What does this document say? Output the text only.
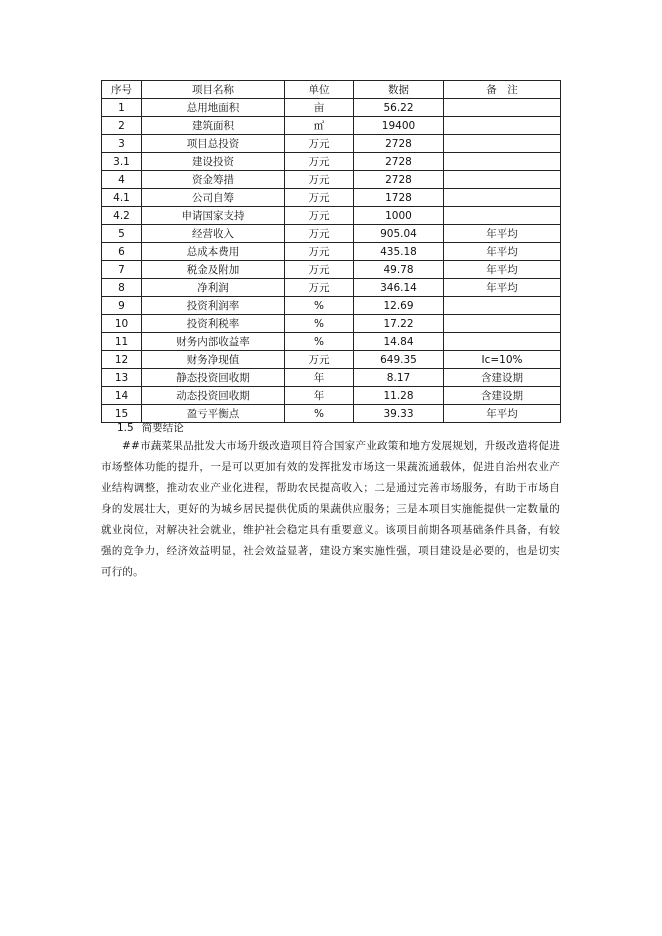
序号	项目名称	单位	数据	备　注
1	总用地面积	亩	56.22	
2	建筑面积	㎡	19400	
3	项目总投资	万元	2728	
3.1	建设投资	万元	2728	
4	资金筹措	万元	2728	
4.1	公司自筹	万元	1728	
4.2	申请国家支持	万元	1000	
5	经营收入	万元	905.04	年平均
6	总成本费用	万元	435.18	年平均
7	税金及附加	万元	49.78	年平均
8	净利润	万元	346.14	年平均
9	投资利润率	%	12.69	
10	投资利税率	%	17.22	
11	财务内部收益率	%	14.84	
12	财务净现值	万元	649.35	Ic=10%
13	静态投资回收期	年	8.17	含建设期
14	动态投资回收期	年	11.28	含建设期
15	盈亏平衡点	%	39.33	年平均
1.5 简要结论

##市蔬菜果品批发大市场升级改造项目符合国家产业政策和地方发展规划，升级改造将促进市场整体功能的提升，一是可以更加有效的发挥批发市场这一果蔬流通载体，促进自治州农业产业结构调整，推动农业产业化进程，帮助农民提高收入；二是通过完善市场服务，有助于市场自身的发展壮大，更好的为城乡居民提供优质的果蔬供应服务；三是本项目实施能提供一定数量的就业岗位，对解决社会就业，维护社会稳定具有重要意义。该项目前期各项基础条件具备，有较强的竞争力，经济效益明显，社会效益显著，建设方案实施性强，项目建设是必要的，也是切实可行的。
